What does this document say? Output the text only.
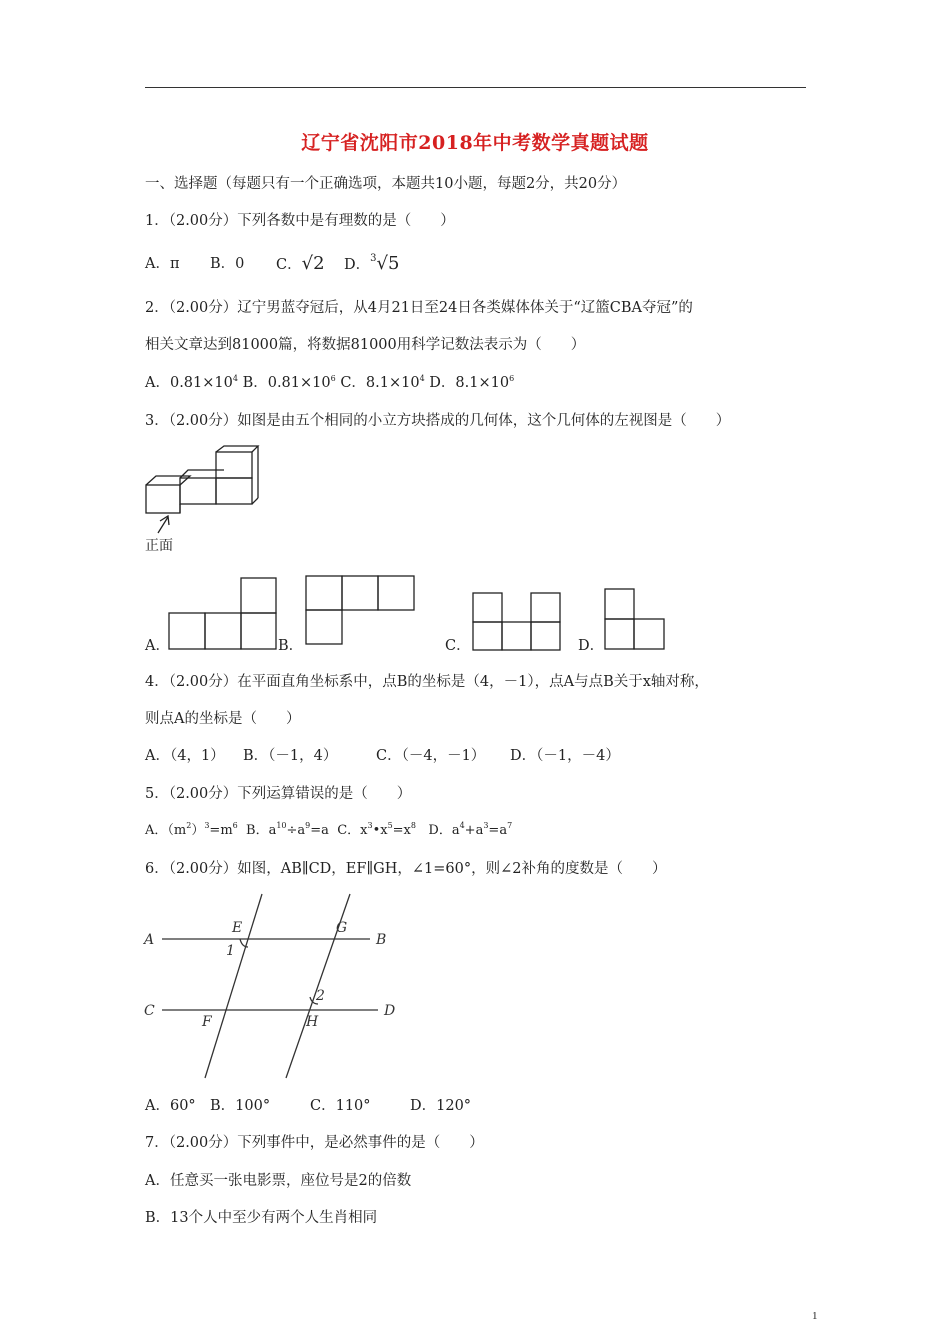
辽宁省沈阳市2018年中考数学真题试题
一、选择题（每题只有一个正确选项，本题共10小题，每题2分，共20分）
1．（2.00分）下列各数中是有理数的是（　　）
A．π B．0 C．√2 D．$^3$√5
2．（2.00分）辽宁男蓝夺冠后，从4月21日至24日各类媒体体关于“辽篮CBA夺冠”的
相关文章达到81000篇，将数据81000用科学记数法表示为（　　）
A．$0.81\times 10^4$ B．$0.81\times 10^6$ C．$8.1\times 10^4$ D．$8.1\times 10^6$
3．（2.00分）如图是由五个相同的小立方块搭成的几何体，这个几何体的左视图是（　　）
正面
A．	B．	C．	D．
4．（2.00分）在平面直角坐标系中，点B的坐标是（4，－1），点A与点B关于x轴对称，
则点A的坐标是（　　）
A．（4，1） B．（－1，4）	C．（－4，－1） D．（－1，－4）
5．（2.00分）下列运算错误的是（　　）
A．$(m^2)^3=m^6$ B．$a^{10}\div a^9=a$ C．$x^3•x^5=x^8$ D．$a^4+a^3=a^7$
6．（2.00分）如图，AB∥CD，EF∥GH，∠1=60°，则∠2补角的度数是（　　）
A	B
C	D
E	G
F	H
1
2
A．60° B．100°	C．110°	D．120°
7．（2.00分）下列事件中，是必然事件的是（　　）
A．任意买一张电影票，座位号是2的倍数
B．13个人中至少有两个人生肖相同
1
